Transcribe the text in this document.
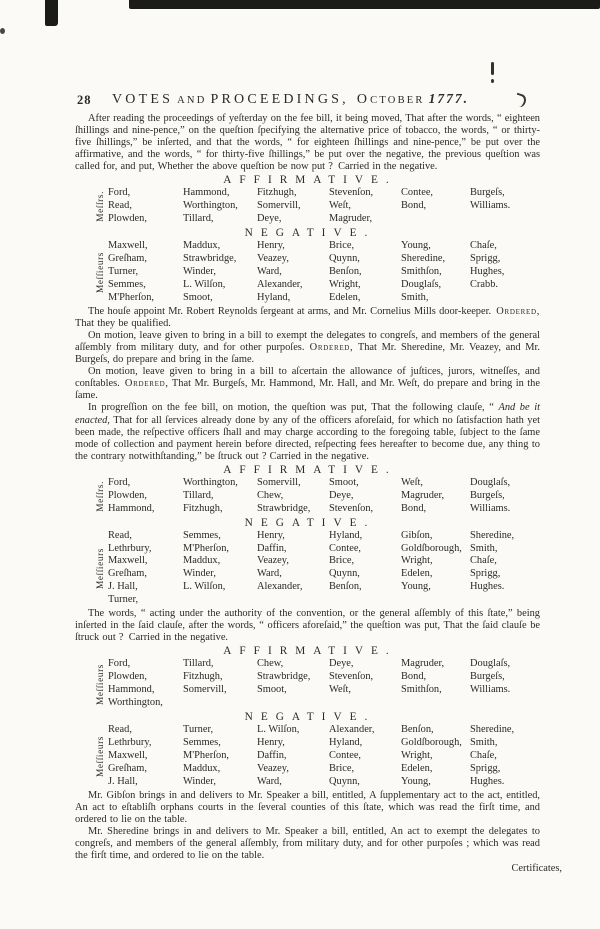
28 VOTES AND PROCEEDINGS, OCTOBER 1777.

After reading the proceedings of yeſterday on the fee bill, it being moved, That after the words, “ eighteen ſhillings and nine-pence,” on the queſtion ſpecifying the alternative price of tobacco, the words, “ or thirty-five ſhillings,” be inſerted, and that the words, “ for eighteen ſhillings and nine-pence,” be put over the affirmative, and the words, “ for thirty-five ſhillings,” be put over the negative, the previous queſtion was called for, and put, Whether the above queſtion be now put ? Carried in the negative.

AFFIRMATIVE.
Meſſrs. Ford,
Read,
Plowden,
Hammond,
Worthington,
Tillard,
Fitzhugh,
Somervill,
Deye,
Stevenſon,
Weſt,
Magruder,
Contee,
Bond,
Burgeſs,
Williams.
NEGATIVE.
Meſſieurs
Maxwell,
Greſham,
Turner,
Semmes,
M'Pherſon,
Maddux,
Strawbridge,
Winder,
L. Wilſon,
Smoot,
Henry,
Veazey,
Ward,
Alexander,
Hyland,
Brice,
Quynn,
Benſon,
Wright,
Edelen,
Young,
Sheredine,
Smithſon,
Douglaſs,
Smith,
Chaſe,
Sprigg,
Hughes,
Crabb.

The houſe appoint Mr. Robert Reynolds ſergeant at arms, and Mr. Cornelius Mills door-keeper. Ordered, That they be qualified.

On motion, leave given to bring in a bill to exempt the delegates to congreſs, and members of the general aſſembly from military duty, and for other purpoſes. Ordered, That Mr. Sheredine, Mr. Veazey, and Mr. Burgeſs, do prepare and bring in the ſame.

On motion, leave given to bring in a bill to aſcertain the allowance of juſtices, jurors, witneſſes, and conſtables. Ordered, That Mr. Burgeſs, Mr. Hammond, Mr. Hall, and Mr. Weſt, do prepare and bring in the ſame.

In progreſſion on the fee bill, on motion, the queſtion was put, That the following clauſe, “ And be it enacted, That for all ſervices already done by any of the officers aforeſaid, for which no ſatisfaction hath yet been made, the reſpective officers ſhall and may charge according to the foregoing table, ſubject to the ſame mode of collection and payment herein before directed, reſpecting fees hereafter to become due, any thing to the contrary notwithſtanding,” be ſtruck out ? Carried in the negative.

AFFIRMATIVE.
Meſſrs. Ford,
Plowden,
Hammond,
Worthington,
Tillard,
Fitzhugh,
Somervill,
Chew,
Strawbridge,
Smoot,
Deye,
Stevenſon,
Weſt,
Magruder,
Bond,
Douglaſs,
Burgeſs,
Williams.
NEGATIVE.
Meſſieurs
Read,
Lethrbury,
Maxwell,
Greſham,
J. Hall,
Turner,
Semmes,
M'Pherſon,
Maddux,
Winder,
L. Wilſon,
Henry,
Daffin,
Veazey,
Ward,
Alexander,
Hyland,
Contee,
Brice,
Quynn,
Benſon,
Gibſon,
Goldſborough,
Wright,
Edelen,
Young,
Sheredine,
Smith,
Chaſe,
Sprigg,
Hughes.

The words, “ acting under the authority of the convention, or the general aſſembly of this ſtate,” being inſerted in the ſaid clauſe, after the words, “ officers aforeſaid,” the queſtion was put, That the ſaid clauſe be ſtruck out ? Carried in the negative.

AFFIRMATIVE.
Meſſieurs Ford,
Plowden,
Hammond,
Worthington,
Tillard,
Fitzhugh,
Somervill,
Chew,
Strawbridge,
Smoot,
Deye,
Stevenſon,
Weſt,
Magruder,
Bond,
Smithſon,
Douglaſs,
Burgeſs,
Williams.
NEGATIVE.
Meſſieurs
Read,
Lethrbury,
Maxwell,
Greſham,
J. Hall,
Turner,
Semmes,
M'Pherſon,
Maddux,
Winder,
L. Wilſon,
Henry,
Daffin,
Veazey,
Ward,
Alexander,
Hyland,
Contee,
Brice,
Quynn,
Benſon,
Goldſborough,
Wright,
Edelen,
Young,
Sheredine,
Smith,
Chaſe,
Sprigg,
Hughes.

Mr. Gibſon brings in and delivers to Mr. Speaker a bill, entitled, A ſupplementary act to the act, entitled, An act to eſtabliſh orphans courts in the ſeveral counties of this ſtate, which was read the firſt time, and ordered to lie on the table.

Mr. Sheredine brings in and delivers to Mr. Speaker a bill, entitled, An act to exempt the delegates to congreſs, and members of the general aſſembly, from military duty, and for other purpoſes ; which was read the firſt time, and ordered to lie on the table.

Certificates,
